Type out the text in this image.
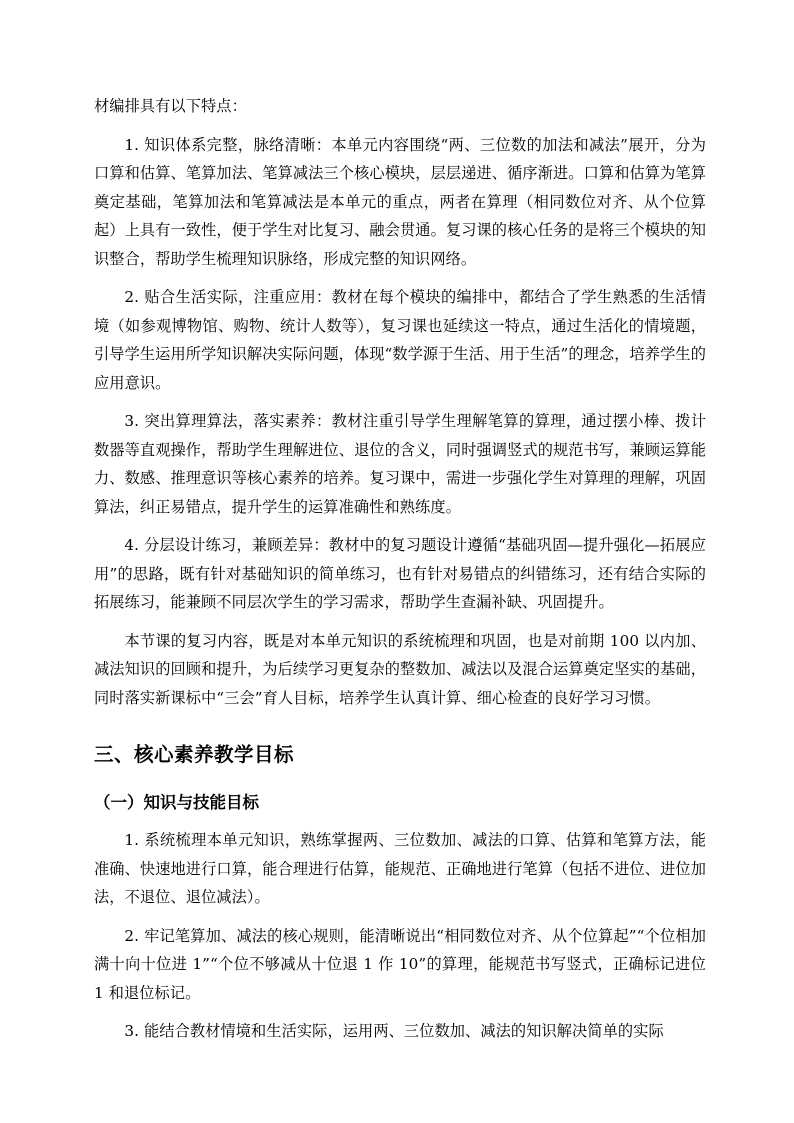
材编排具有以下特点：

1. 知识体系完整，脉络清晰：本单元内容围绕“两、三位数的加法和减法”展开，分为口算和估算、笔算加法、笔算减法三个核心模块，层层递进、循序渐进。口算和估算为笔算奠定基础，笔算加法和笔算减法是本单元的重点，两者在算理（相同数位对齐、从个位算起）上具有一致性，便于学生对比复习、融会贯通。复习课的核心任务的是将三个模块的知识整合，帮助学生梳理知识脉络，形成完整的知识网络。

2. 贴合生活实际，注重应用：教材在每个模块的编排中，都结合了学生熟悉的生活情境（如参观博物馆、购物、统计人数等），复习课也延续这一特点，通过生活化的情境题，引导学生运用所学知识解决实际问题，体现“数学源于生活、用于生活”的理念，培养学生的应用意识。

3. 突出算理算法，落实素养：教材注重引导学生理解笔算的算理，通过摆小棒、拨计数器等直观操作，帮助学生理解进位、退位的含义，同时强调竖式的规范书写，兼顾运算能力、数感、推理意识等核心素养的培养。复习课中，需进一步强化学生对算理的理解，巩固算法，纠正易错点，提升学生的运算准确性和熟练度。

4. 分层设计练习，兼顾差异：教材中的复习题设计遵循“基础巩固—提升强化—拓展应用”的思路，既有针对基础知识的简单练习，也有针对易错点的纠错练习，还有结合实际的拓展练习，能兼顾不同层次学生的学习需求，帮助学生查漏补缺、巩固提升。

本节课的复习内容，既是对本单元知识的系统梳理和巩固，也是对前期 100 以内加、减法知识的回顾和提升，为后续学习更复杂的整数加、减法以及混合运算奠定坚实的基础，同时落实新课标中“三会”育人目标，培养学生认真计算、细心检查的良好学习习惯。

三、核心素养教学目标
（一）知识与技能目标

1. 系统梳理本单元知识，熟练掌握两、三位数加、减法的口算、估算和笔算方法，能准确、快速地进行口算，能合理进行估算，能规范、正确地进行笔算（包括不进位、进位加法，不退位、退位减法）。

2. 牢记笔算加、减法的核心规则，能清晰说出“相同数位对齐、从个位算起”“个位相加满十向十位进 1”“个位不够减从十位退 1 作 10”的算理，能规范书写竖式，正确标记进位 1 和退位标记。

3. 能结合教材情境和生活实际，运用两、三位数加、减法的知识解决简单的实际
